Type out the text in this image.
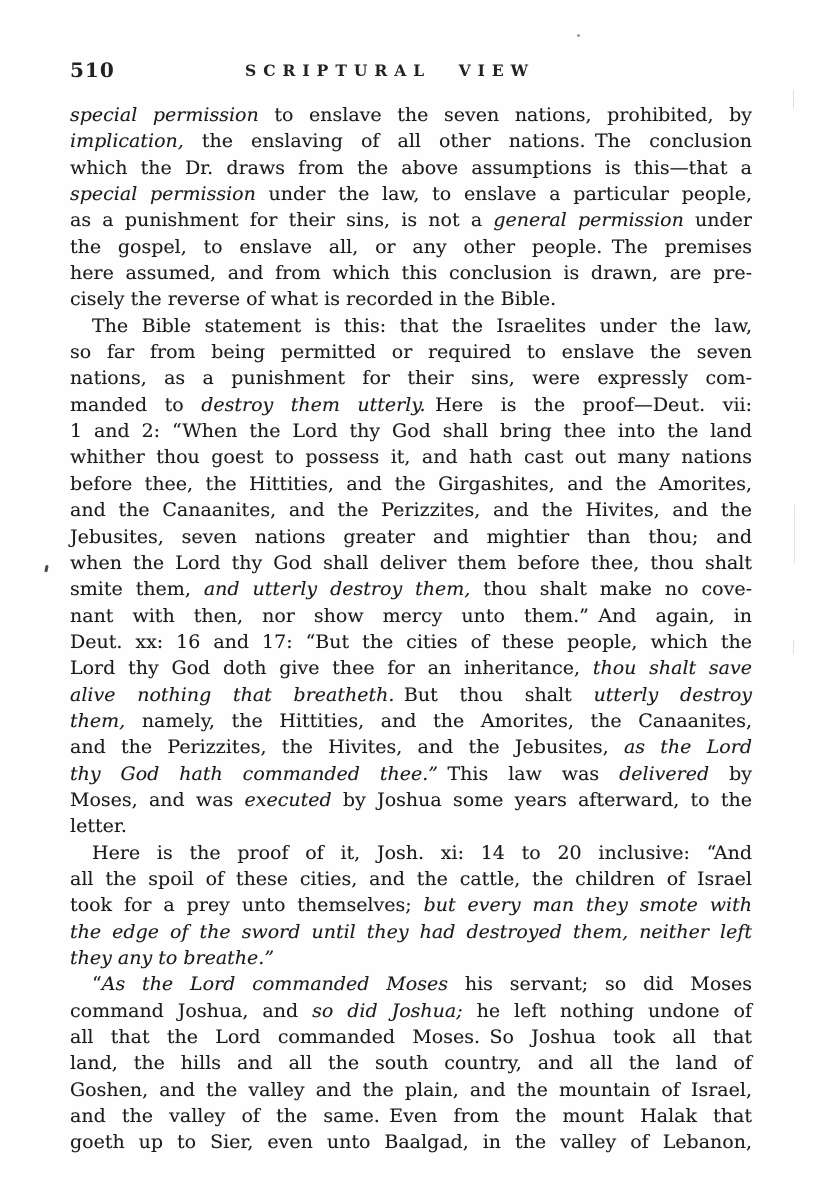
510	SCRIPTURAL VIEW
special permission to enslave the seven nations, prohibited, by
implication, the enslaving of all other nations. The conclusion
which the Dr. draws from the above assumptions is this—that a
special permission under the law, to enslave a particular people,
as a punishment for their sins, is not a general permission under
the gospel, to enslave all, or any other people. The premises
here assumed, and from which this conclusion is drawn, are pre-
cisely the reverse of what is recorded in the Bible.
The Bible statement is this: that the Israelites under the law,
so far from being permitted or required to enslave the seven
nations, as a punishment for their sins, were expressly com-
manded to destroy them utterly. Here is the proof—Deut. vii:
1 and 2: “When the Lord thy God shall bring thee into the land
whither thou goest to possess it, and hath cast out many nations
before thee, the Hittities, and the Girgashites, and the Amorites,
and the Canaanites, and the Perizzites, and the Hivites, and the
Jebusites, seven nations greater and mightier than thou; and
when the Lord thy God shall deliver them before thee, thou shalt
smite them, and utterly destroy them, thou shalt make no cove-
nant with then, nor show mercy unto them.” And again, in
Deut. xx: 16 and 17: “But the cities of these people, which the
Lord thy God doth give thee for an inheritance, thou shalt save
alive nothing that breatheth. But thou shalt utterly destroy
them, namely, the Hittities, and the Amorites, the Canaanites,
and the Perizzites, the Hivites, and the Jebusites, as the Lord
thy God hath commanded thee.” This law was delivered by
Moses, and was executed by Joshua some years afterward, to the
letter.
Here is the proof of it, Josh. xi: 14 to 20 inclusive: “And
all the spoil of these cities, and the cattle, the children of Israel
took for a prey unto themselves; but every man they smote with
the edge of the sword until they had destroyed them, neither left
they any to breathe.”
“As the Lord commanded Moses his servant; so did Moses
command Joshua, and so did Joshua; he left nothing undone of
all that the Lord commanded Moses. So Joshua took all that
land, the hills and all the south country, and all the land of
Goshen, and the valley and the plain, and the mountain of Israel,
and the valley of the same. Even from the mount Halak that
goeth up to Sier, even unto Baalgad, in the valley of Lebanon,
